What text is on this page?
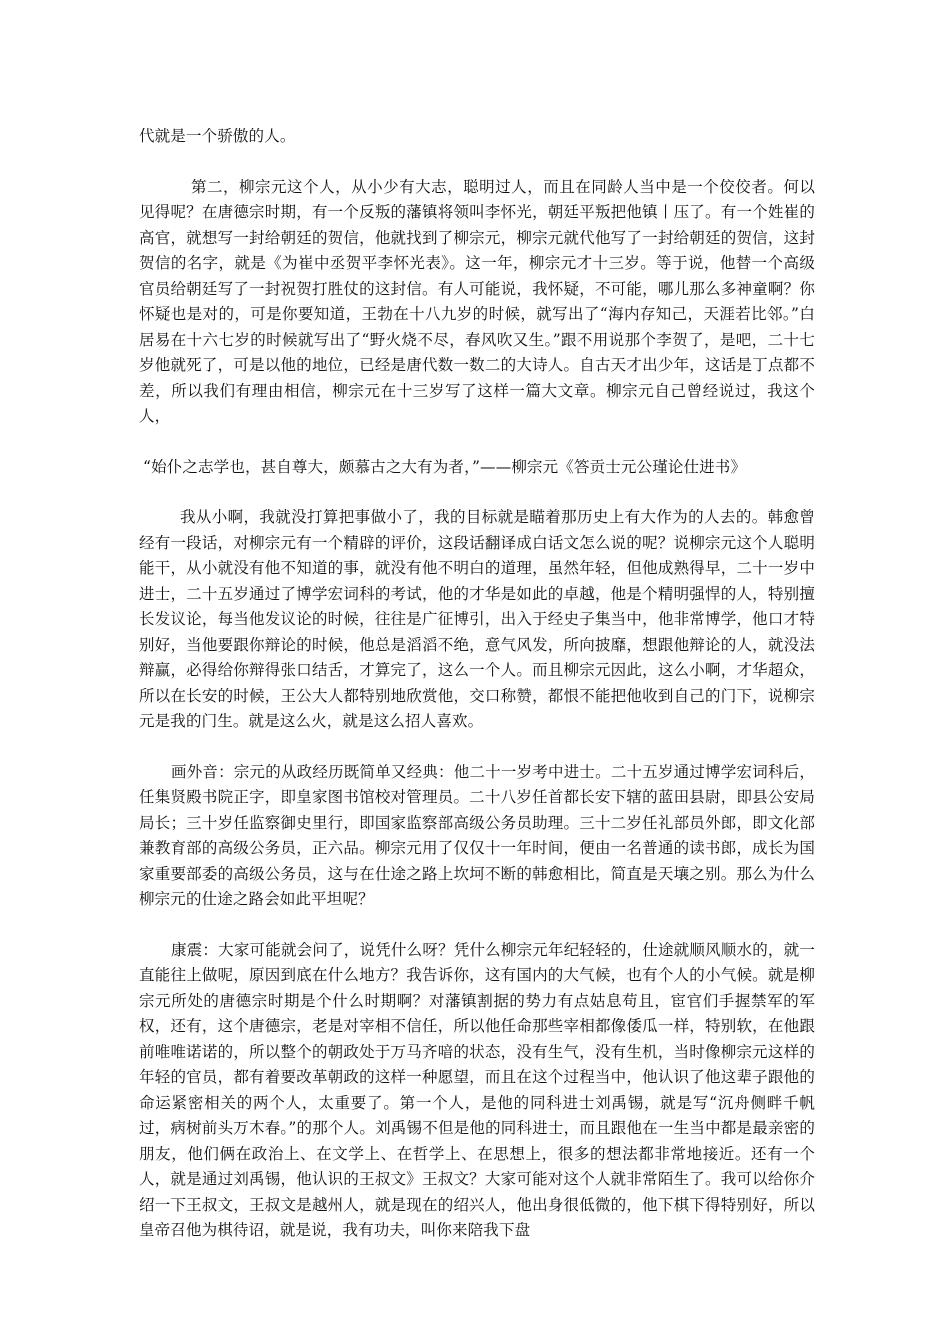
代就是一个骄傲的人。

第二，柳宗元这个人，从小少有大志，聪明过人，而且在同龄人当中是一个佼佼者。何以见得呢？在唐德宗时期，有一个反叛的藩镇将领叫李怀光，朝廷平叛把他镇丨压了。有一个姓崔的高官，就想写一封给朝廷的贺信，他就找到了柳宗元，柳宗元就代他写了一封给朝廷的贺信，这封贺信的名字，就是《为崔中丞贺平李怀光表》。这一年，柳宗元才十三岁。等于说，他替一个高级官员给朝廷写了一封祝贺打胜仗的这封信。有人可能说，我怀疑，不可能，哪儿那么多神童啊？你怀疑也是对的，可是你要知道，王勃在十八九岁的时候，就写出了“海内存知己，天涯若比邻。”白居易在十六七岁的时候就写出了“野火烧不尽，春风吹又生。”跟不用说那个李贺了，是吧，二十七岁他就死了，可是以他的地位，已经是唐代数一数二的大诗人。自古天才出少年，这话是丁点都不差，所以我们有理由相信，柳宗元在十三岁写了这样一篇大文章。柳宗元自己曾经说过，我这个人，

“始仆之志学也，甚自尊大，颇慕古之大有为者，”——柳宗元《答贡士元公瑾论仕进书》

我从小啊，我就没打算把事做小了，我的目标就是瞄着那历史上有大作为的人去的。韩愈曾经有一段话，对柳宗元有一个精辟的评价，这段话翻译成白话文怎么说的呢？说柳宗元这个人聪明能干，从小就没有他不知道的事，就没有他不明白的道理，虽然年轻，但他成熟得早，二十一岁中进士，二十五岁通过了博学宏词科的考试，他的才华是如此的卓越，他是个精明强悍的人，特别擅长发议论，每当他发议论的时候，往往是广征博引，出入于经史子集当中，他非常博学，他口才特别好，当他要跟你辩论的时候，他总是滔滔不绝，意气风发，所向披靡，想跟他辩论的人，就没法辩赢，必得给你辩得张口结舌，才算完了，这么一个人。而且柳宗元因此，这么小啊，才华超众，所以在长安的时候，王公大人都特别地欣赏他，交口称赞，都恨不能把他收到自己的门下，说柳宗元是我的门生。就是这么火，就是这么招人喜欢。

画外音：宗元的从政经历既简单又经典：他二十一岁考中进士。二十五岁通过博学宏词科后，任集贤殿书院正字，即皇家图书馆校对管理员。二十八岁任首都长安下辖的蓝田县尉，即县公安局局长；三十岁任监察御史里行，即国家监察部高级公务员助理。三十二岁任礼部员外郎，即文化部兼教育部的高级公务员，正六品。柳宗元用了仅仅十一年时间，便由一名普通的读书郎，成长为国家重要部委的高级公务员，这与在仕途之路上坎坷不断的韩愈相比，简直是天壤之别。那么为什么柳宗元的仕途之路会如此平坦呢？

康震：大家可能就会问了，说凭什么呀？凭什么柳宗元年纪轻轻的，仕途就顺风顺水的，就一直能往上做呢，原因到底在什么地方？我告诉你，这有国内的大气候，也有个人的小气候。就是柳宗元所处的唐德宗时期是个什么时期啊？对藩镇割据的势力有点姑息苟且，宦官们手握禁军的军权，还有，这个唐德宗，老是对宰相不信任，所以他任命那些宰相都像倭瓜一样，特别软，在他跟前唯唯诺诺的，所以整个的朝政处于万马齐喑的状态，没有生气，没有生机，当时像柳宗元这样的年轻的官员，都有着要改革朝政的这样一种愿望，而且在这个过程当中，他认识了他这辈子跟他的命运紧密相关的两个人，太重要了。第一个人，是他的同科进士刘禹锡，就是写“沉舟侧畔千帆过，病树前头万木春。”的那个人。刘禹锡不但是他的同科进士，而且跟他在一生当中都是最亲密的朋友，他们俩在政治上、在文学上、在哲学上、在思想上，很多的想法都非常地接近。还有一个人，就是通过刘禹锡，他认识的王叔文》王叔文？大家可能对这个人就非常陌生了。我可以给你介绍一下王叔文，王叔文是越州人，就是现在的绍兴人，他出身很低微的，他下棋下得特别好，所以皇帝召他为棋待诏，就是说，我有功夫，叫你来陪我下盘
